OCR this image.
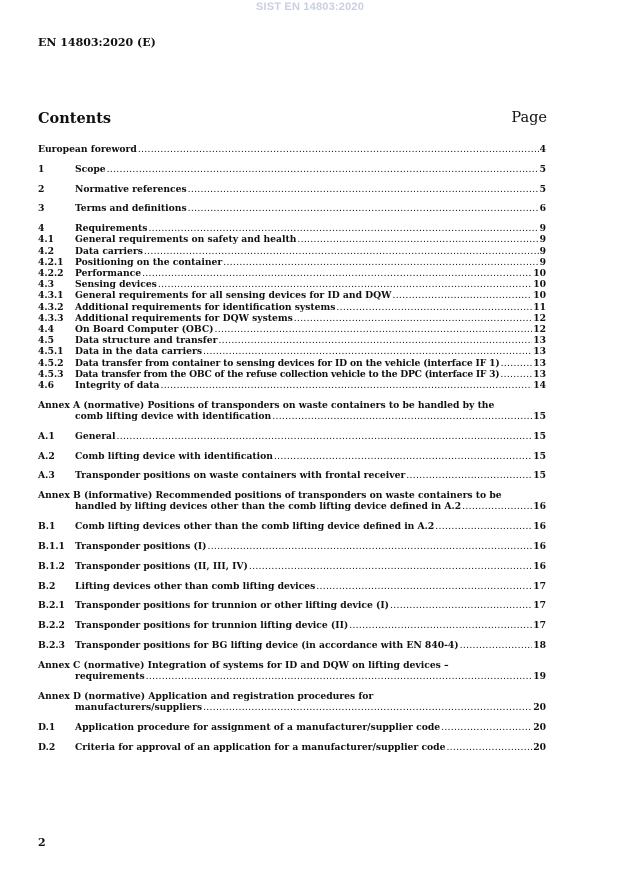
SIST EN 14803:2020
EN 14803:2020 (E)
Contents	Page
European foreword .....	4
1	Scope .....	5
2	Normative references .....	5
3	Terms and definitions .....	6
4	Requirements .....	9
4.1	General requirements on safety and health .....	9
4.2	Data carriers .....	9
4.2.1	Positioning on the container .....	9
4.2.2	Performance .....	10
4.3	Sensing devices .....	10
4.3.1	General requirements for all sensing devices for ID and DQW .....	10
4.3.2	Additional requirements for identification systems .....	11
4.3.3	Additional requirements for DQW systems .....	12
4.4	On Board Computer (OBC) .....	12
4.5	Data structure and transfer .....	13
4.5.1	Data in the data carriers .....	13
4.5.2	Data transfer from container to sensing devices for ID on the vehicle (interface IF 1) .....	13
4.5.3	Data transfer from the OBC of the refuse collection vehicle to the DPC (interface IF 3) .....	13
4.6	Integrity of data .....	14
Annex A (normative) Positions of transponders on waste containers to be handled by the
comb lifting device with identification .....	15
A.1	General .....	15
A.2	Comb lifting device with identification .....	15
A.3	Transponder positions on waste containers with frontal receiver .....	15
Annex B (informative) Recommended positions of transponders on waste containers to be
handled by lifting devices other than the comb lifting device defined in A.2 .....	16
B.1	Comb lifting devices other than the comb lifting device defined in A.2 .....	16
B.1.1	Transponder positions (I) .....	16
B.1.2	Transponder positions (II, III, IV) .....	16
B.2	Lifting devices other than comb lifting devices .....	17
B.2.1	Transponder positions for trunnion or other lifting device (I) .....	17
B.2.2	Transponder positions for trunnion lifting device (II) .....	17
B.2.3	Transponder positions for BG lifting device (in accordance with EN 840-4) .....	18
Annex C (normative) Integration of systems for ID and DQW on lifting devices –
requirements .....	19
Annex D (normative) Application and registration procedures for
manufacturers/suppliers .....	20
D.1	Application procedure for assignment of a manufacturer/supplier code .....	20
D.2	Criteria for approval of an application for a manufacturer/supplier code .....	20
2
